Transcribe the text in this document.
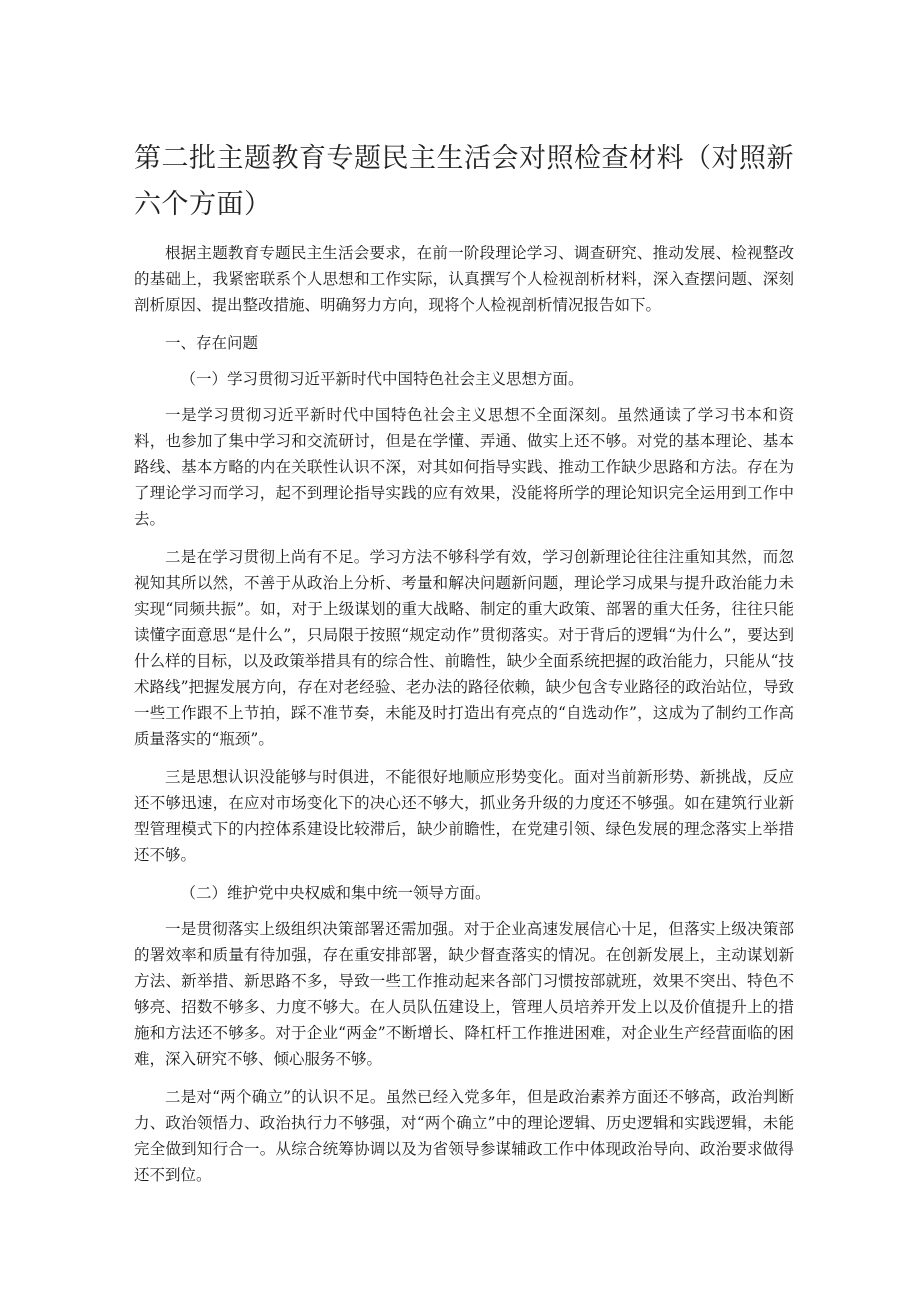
第二批主题教育专题民主生活会对照检查材料（对照新六个方面）

根据主题教育专题民主生活会要求，在前一阶段理论学习、调查研究、推动发展、检视整改的基础上，我紧密联系个人思想和工作实际，认真撰写个人检视剖析材料，深入查摆问题、深刻剖析原因、提出整改措施、明确努力方向，现将个人检视剖析情况报告如下。

一、存在问题

（一）学习贯彻习近平新时代中国特色社会主义思想方面。

一是学习贯彻习近平新时代中国特色社会主义思想不全面深刻。虽然通读了学习书本和资料，也参加了集中学习和交流研讨，但是在学懂、弄通、做实上还不够。对党的基本理论、基本路线、基本方略的内在关联性认识不深，对其如何指导实践、推动工作缺少思路和方法。存在为了理论学习而学习，起不到理论指导实践的应有效果，没能将所学的理论知识完全运用到工作中去。

二是在学习贯彻上尚有不足。学习方法不够科学有效，学习创新理论往往注重知其然，而忽视知其所以然，不善于从政治上分析、考量和解决问题新问题，理论学习成果与提升政治能力未实现“同频共振”。如，对于上级谋划的重大战略、制定的重大政策、部署的重大任务，往往只能读懂字面意思“是什么”，只局限于按照“规定动作”贯彻落实。对于背后的逻辑“为什么”，要达到什么样的目标，以及政策举措具有的综合性、前瞻性，缺少全面系统把握的政治能力，只能从“技术路线”把握发展方向，存在对老经验、老办法的路径依赖，缺少包含专业路径的政治站位，导致一些工作跟不上节拍，踩不准节奏，未能及时打造出有亮点的“自选动作”，这成为了制约工作高质量落实的“瓶颈”。

三是思想认识没能够与时俱进，不能很好地顺应形势变化。面对当前新形势、新挑战，反应还不够迅速，在应对市场变化下的决心还不够大，抓业务升级的力度还不够强。如在建筑行业新型管理模式下的内控体系建设比较滞后，缺少前瞻性，在党建引领、绿色发展的理念落实上举措还不够。

（二）维护党中央权威和集中统一领导方面。

一是贯彻落实上级组织决策部署还需加强。对于企业高速发展信心十足，但落实上级决策部的署效率和质量有待加强，存在重安排部署，缺少督查落实的情况。在创新发展上，主动谋划新方法、新举措、新思路不多，导致一些工作推动起来各部门习惯按部就班，效果不突出、特色不够亮、招数不够多、力度不够大。在人员队伍建设上，管理人员培养开发上以及价值提升上的措施和方法还不够多。对于企业“两金”不断增长、降杠杆工作推进困难，对企业生产经营面临的困难，深入研究不够、倾心服务不够。

二是对“两个确立”的认识不足。虽然已经入党多年，但是政治素养方面还不够高，政治判断力、政治领悟力、政治执行力不够强，对“两个确立”中的理论逻辑、历史逻辑和实践逻辑，未能完全做到知行合一。从综合统筹协调以及为省领导参谋辅政工作中体现政治导向、政治要求做得还不到位。
